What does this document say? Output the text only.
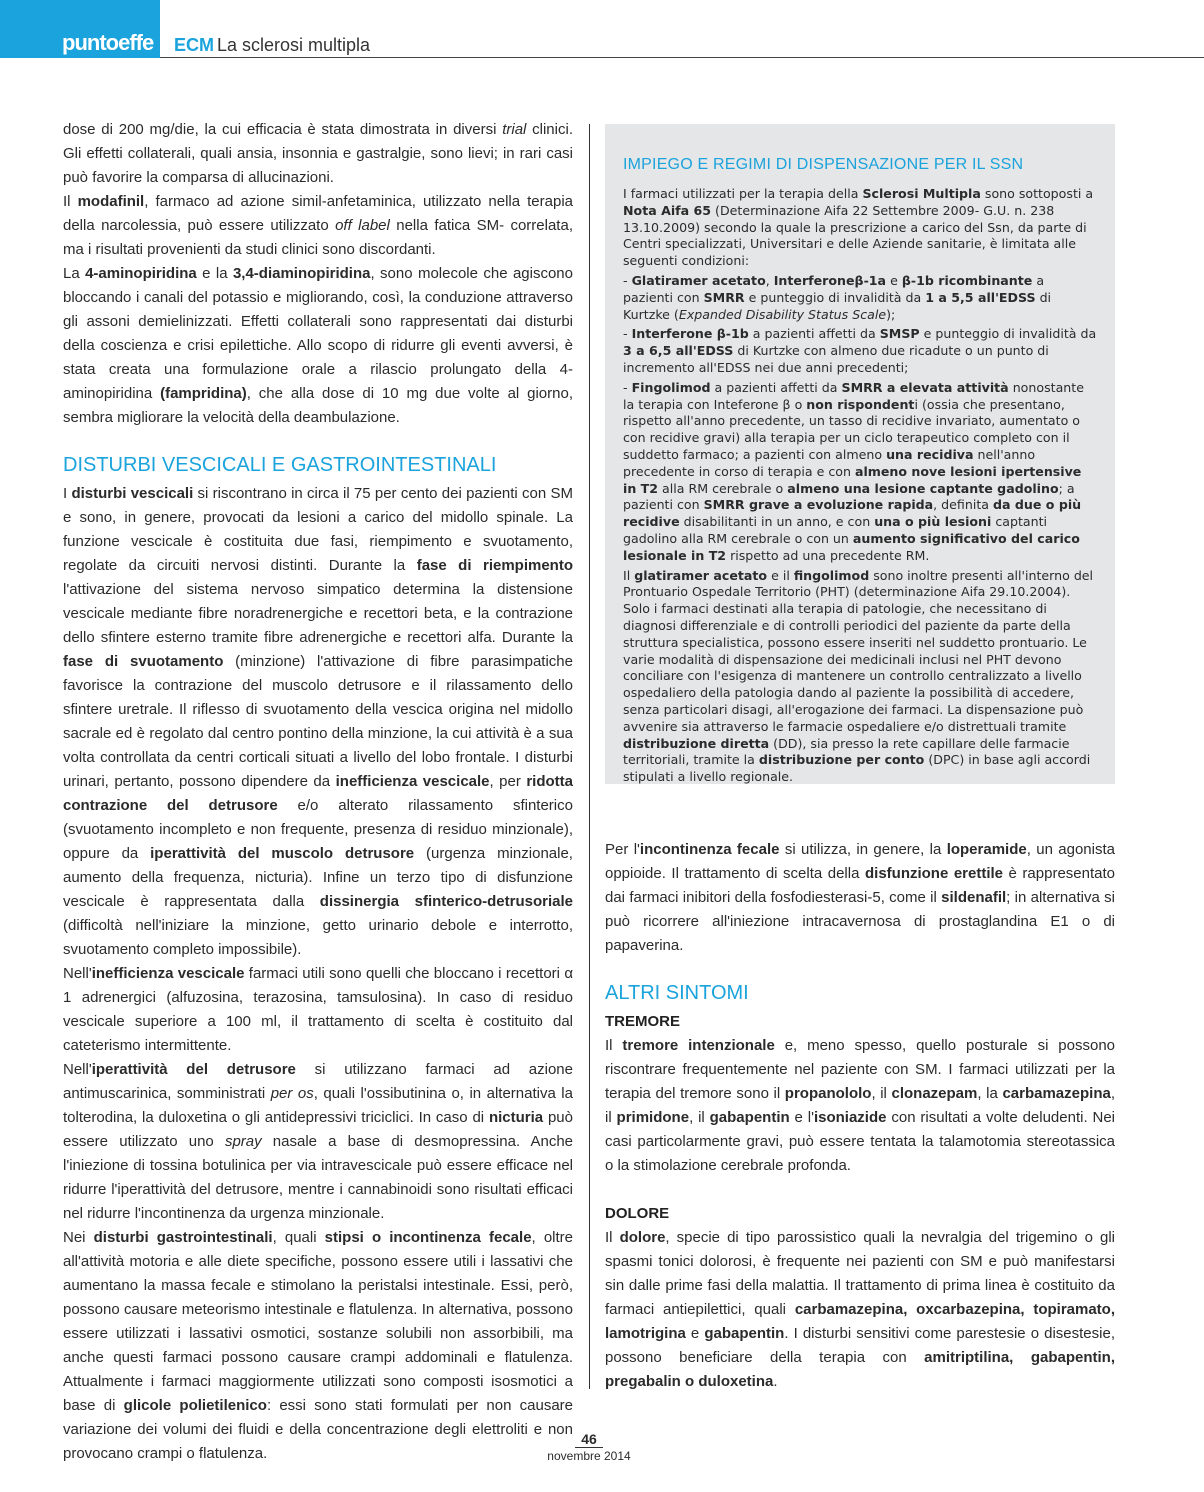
puntoeffe ECM La sclerosi multipla

dose di 200 mg/die, la cui efficacia è stata dimostrata in diversi trial clinici. Gli effetti collaterali, quali ansia, insonnia e gastralgie, sono lievi; in rari casi può favorire la comparsa di allucinazioni.

Il modafinil, farmaco ad azione simil-anfetaminica, utilizzato nella terapia della narcolessia, può essere utilizzato off label nella fatica SM- correlata, ma i risultati provenienti da studi clinici sono discordanti.

La 4-aminopiridina e la 3,4-diaminopiridina, sono molecole che agiscono bloccando i canali del potassio e migliorando, così, la conduzione attraverso gli assoni demielinizzati. Effetti collaterali sono rappresentati dai disturbi della coscienza e crisi epilettiche. Allo scopo di ridurre gli eventi avversi, è stata creata una formulazione orale a rilascio prolungato della 4-aminopiridina (fampridina), che alla dose di 10 mg due volte al giorno, sembra migliorare la velocità della deambulazione.

DISTURBI VESCICALI E GASTROINTESTINALI

I disturbi vescicali si riscontrano in circa il 75 per cento dei pazienti con SM e sono, in genere, provocati da lesioni a carico del midollo spinale. La funzione vescicale è costituita due fasi, riempimento e svuotamento, regolate da circuiti nervosi distinti. Durante la fase di riempimento l'attivazione del sistema nervoso simpatico determina la distensione vescicale mediante fibre noradrenergiche e recettori beta, e la contrazione dello sfintere esterno tramite fibre adrenergiche e recettori alfa. Durante la fase di svuotamento (minzione) l'attivazione di fibre parasimpatiche favorisce la contrazione del muscolo detrusore e il rilassamento dello sfintere uretrale. Il riflesso di svuotamento della vescica origina nel midollo sacrale ed è regolato dal centro pontino della minzione, la cui attività è a sua volta controllata da centri corticali situati a livello del lobo frontale. I disturbi urinari, pertanto, possono dipendere da inefficienza vescicale, per ridotta contrazione del detrusore e/o alterato rilassamento sfinterico (svuotamento incompleto e non frequente, presenza di residuo minzionale), oppure da iperattività del muscolo detrusore (urgenza minzionale, aumento della frequenza, nicturia). Infine un terzo tipo di disfunzione vescicale è rappresentata dalla dissinergia sfinterico-detrusoriale (difficoltà nell'iniziare la minzione, getto urinario debole e interrotto, svuotamento completo impossibile).

Nell'inefficienza vescicale farmaci utili sono quelli che bloccano i recettori α 1 adrenergici (alfuzosina, terazosina, tamsulosina). In caso di residuo vescicale superiore a 100 ml, il trattamento di scelta è costituito dal cateterismo intermittente.

Nell'iperattività del detrusore si utilizzano farmaci ad azione antimuscarinica, somministrati per os, quali l'ossibutinina o, in alternativa la tolterodina, la duloxetina o gli antidepressivi triciclici. In caso di nicturia può essere utilizzato uno spray nasale a base di desmopressina. Anche l'iniezione di tossina botulinica per via intravescicale può essere efficace nel ridurre l'iperattività del detrusore, mentre i cannabinoidi sono risultati efficaci nel ridurre l'incontinenza da urgenza minzionale.

Nei disturbi gastrointestinali, quali stipsi o incontinenza fecale, oltre all'attività motoria e alle diete specifiche, possono essere utili i lassativi che aumentano la massa fecale e stimolano la peristalsi intestinale. Essi, però, possono causare meteorismo intestinale e flatulenza. In alternativa, possono essere utilizzati i lassativi osmotici, sostanze solubili non assorbibili, ma anche questi farmaci possono causare crampi addominali e flatulenza. Attualmente i farmaci maggiormente utilizzati sono composti isosmotici a base di glicole polietilenico: essi sono stati formulati per non causare variazione dei volumi dei fluidi e della concentrazione degli elettroliti e non provocano crampi o flatulenza.

IMPIEGO E REGIMI DI DISPENSAZIONE PER IL SSN

I farmaci utilizzati per la terapia della Sclerosi Multipla sono sottoposti a Nota Aifa 65 (Determinazione Aifa 22 Settembre 2009- G.U. n. 238 13.10.2009) secondo la quale la prescrizione a carico del Ssn, da parte di Centri specializzati, Universitari e delle Aziende sanitarie, è limitata alle seguenti condizioni:

- Glatiramer acetato, Interferoneβ-1a e β-1b ricombinante a pazienti con SMRR e punteggio di invalidità da 1 a 5,5 all'EDSS di Kurtzke (Expanded Disability Status Scale);

- Interferone β-1b a pazienti affetti da SMSP e punteggio di invalidità da 3 a 6,5 all'EDSS di Kurtzke con almeno due ricadute o un punto di incremento all'EDSS nei due anni precedenti;

- Fingolimod a pazienti affetti da SMRR a elevata attività nonostante la terapia con Inteferone β o non rispondenti (ossia che presentano, rispetto all'anno precedente, un tasso di recidive invariato, aumentato o con recidive gravi) alla terapia per un ciclo terapeutico completo con il suddetto farmaco; a pazienti con almeno una recidiva nell'anno precedente in corso di terapia e con almeno nove lesioni ipertensive in T2 alla RM cerebrale o almeno una lesione captante gadolino; a pazienti con SMRR grave a evoluzione rapida, definita da due o più recidive disabilitanti in un anno, e con una o più lesioni captanti gadolino alla RM cerebrale o con un aumento significativo del carico lesionale in T2 rispetto ad una precedente RM.

Il glatiramer acetato e il fingolimod sono inoltre presenti all'interno del Prontuario Ospedale Territorio (PHT) (determinazione Aifa 29.10.2004). Solo i farmaci destinati alla terapia di patologie, che necessitano di diagnosi differenziale e di controlli periodici del paziente da parte della struttura specialistica, possono essere inseriti nel suddetto prontuario. Le varie modalità di dispensazione dei medicinali inclusi nel PHT devono conciliare con l'esigenza di mantenere un controllo centralizzato a livello ospedaliero della patologia dando al paziente la possibilità di accedere, senza particolari disagi, all'erogazione dei farmaci. La dispensazione può avvenire sia attraverso le farmacie ospedaliere e/o distrettuali tramite distribuzione diretta (DD), sia presso la rete capillare delle farmacie territoriali, tramite la distribuzione per conto (DPC) in base agli accordi stipulati a livello regionale.

Per l'incontinenza fecale si utilizza, in genere, la loperamide, un agonista oppioide. Il trattamento di scelta della disfunzione erettile è rappresentato dai farmaci inibitori della fosfodiesterasi-5, come il sildenafil; in alternativa si può ricorrere all'iniezione intracavernosa di prostaglandina E1 o di papaverina.

ALTRI SINTOMI
TREMORE

Il tremore intenzionale e, meno spesso, quello posturale si possono riscontrare frequentemente nel paziente con SM. I farmaci utilizzati per la terapia del tremore sono il propanololo, il clonazepam, la carbamazepina, il primidone, il gabapentin e l'isoniazide con risultati a volte deludenti. Nei casi particolarmente gravi, può essere tentata la talamotomia stereotassica o la stimolazione cerebrale profonda.

DOLORE

Il dolore, specie di tipo parossistico quali la nevralgia del trigemino o gli spasmi tonici dolorosi, è frequente nei pazienti con SM e può manifestarsi sin dalle prime fasi della malattia. Il trattamento di prima linea è costituito da farmaci antiepilettici, quali carbamazepina, oxcarbazepina, topiramato, lamotrigina e gabapentin. I disturbi sensitivi come parestesie o disestesie, possono beneficiare della terapia con amitriptilina, gabapentin, pregabalin o duloxetina.

46
novembre 2014
